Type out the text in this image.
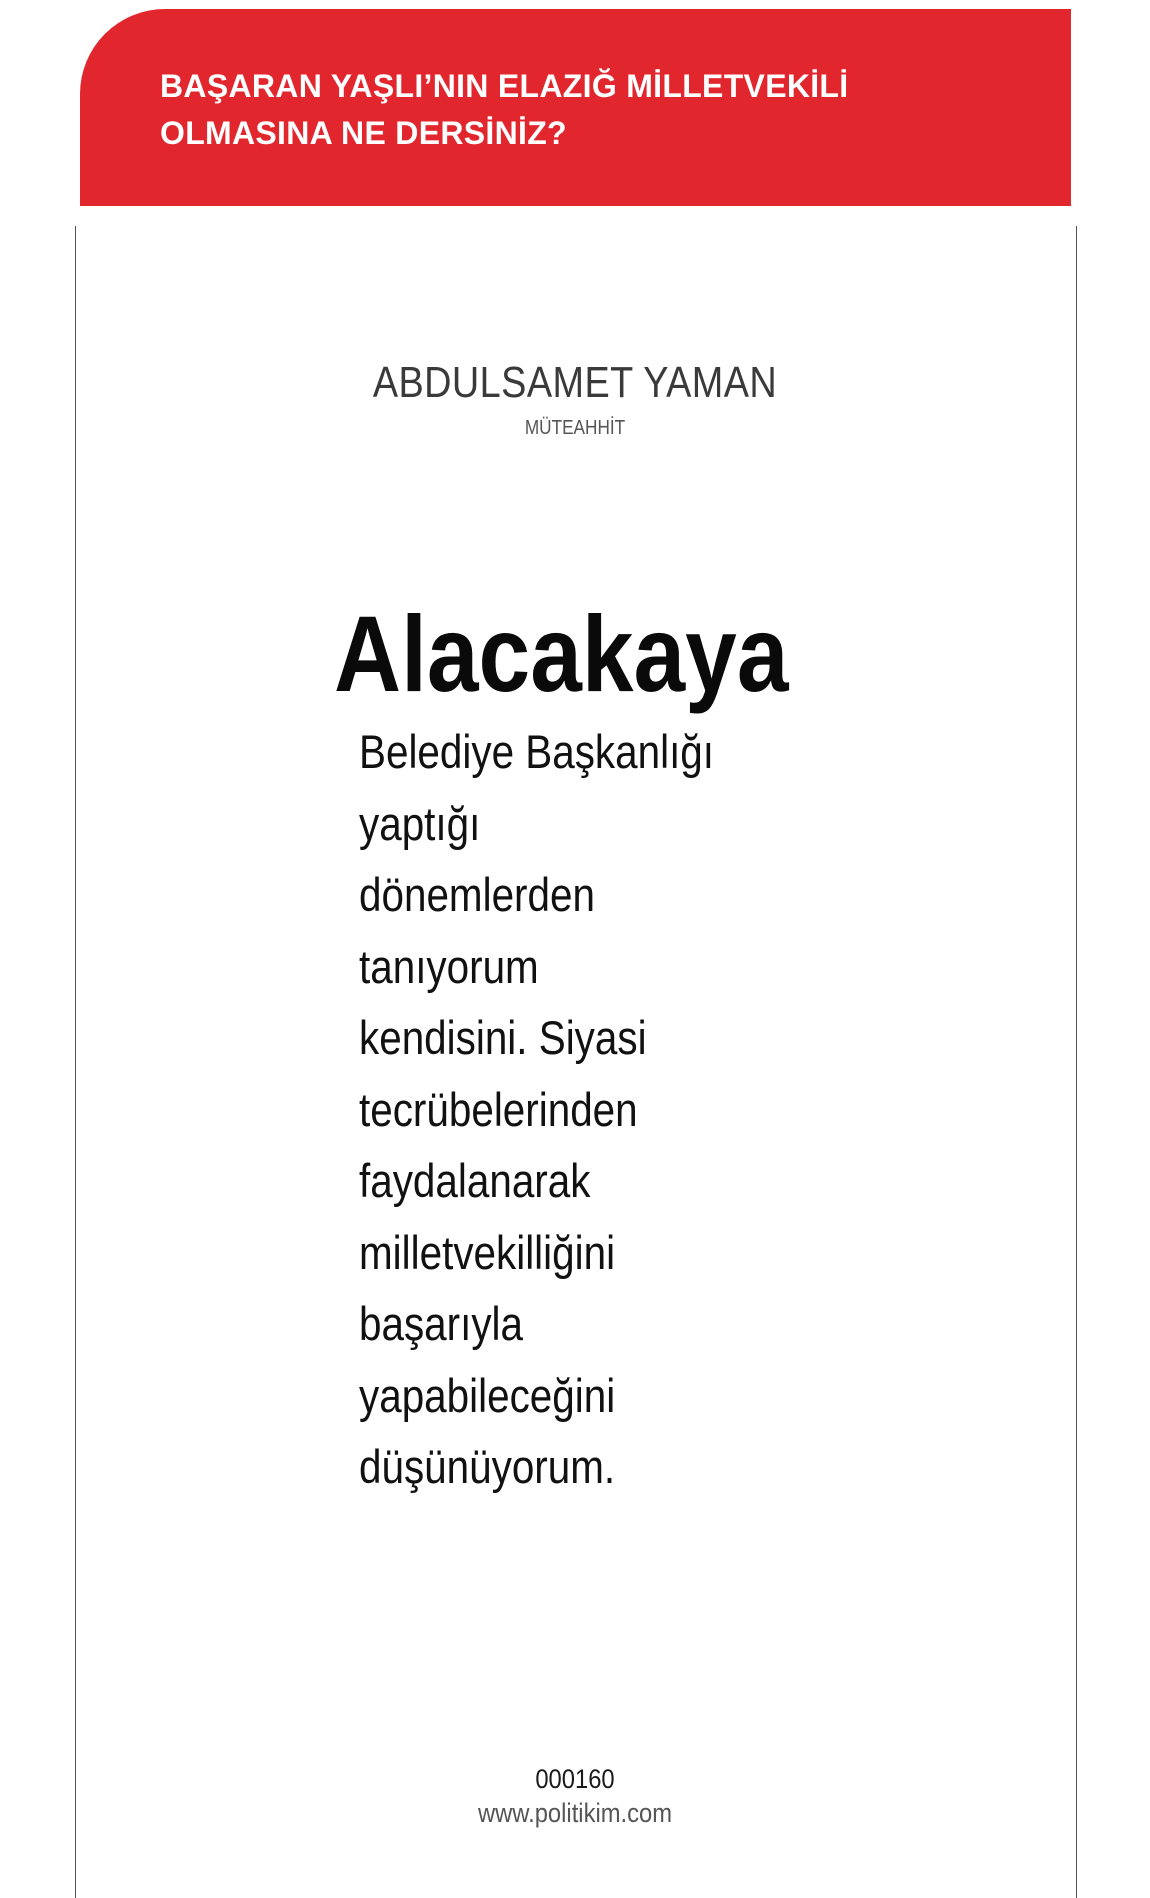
BAŞARAN YAŞLI’NIN ELAZIĞ MİLLETVEKİLİ OLMASINA NE DERSİNİZ?
ABDULSAMET YAMAN
MÜTEAHHİT
Alacakaya
Belediye Başkanlığı
yaptığı
dönemlerden
tanıyorum
kendisini. Siyasi
tecrübelerinden
faydalanarak
milletvekilliğini
başarıyla
yapabileceğini
düşünüyorum.
000160
www.politikim.com
